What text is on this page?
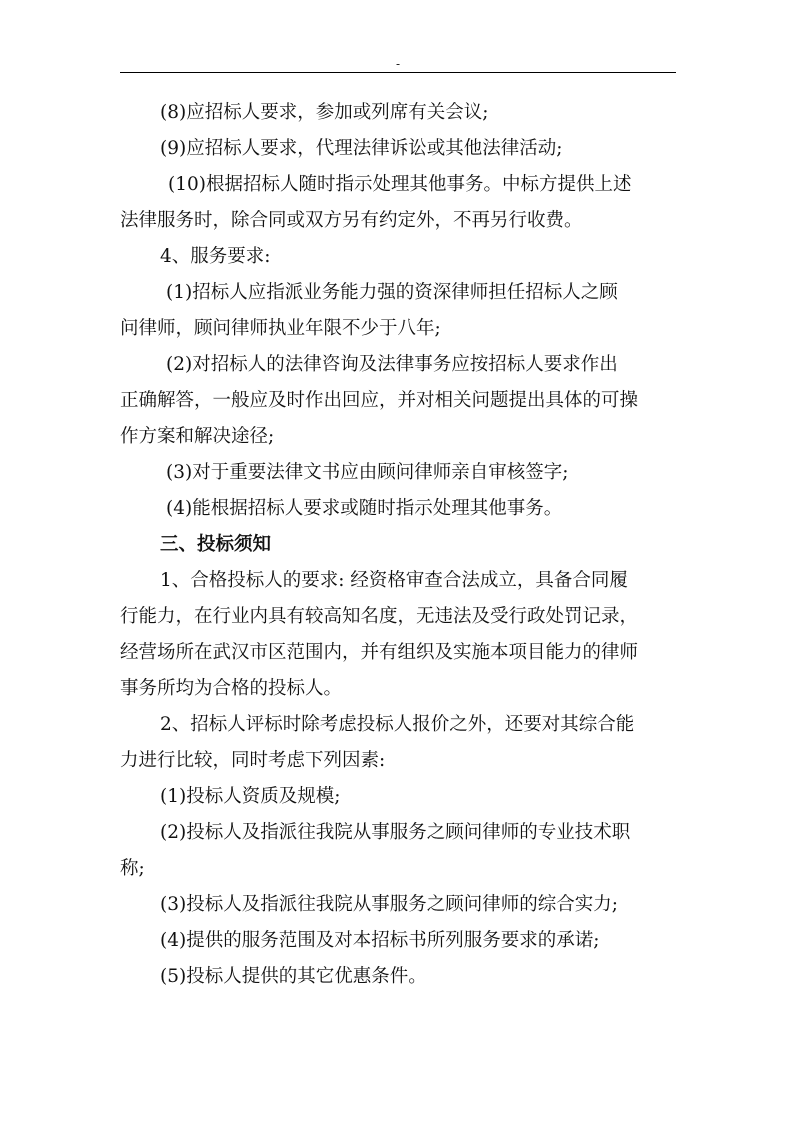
-
(8)应招标人要求，参加或列席有关会议;
(9)应招标人要求，代理法律诉讼或其他法律活动;
(10)根据招标人随时指示处理其他事务。中标方提供上述
法律服务时，除合同或双方另有约定外，不再另行收费。
4、服务要求:
(1)招标人应指派业务能力强的资深律师担任招标人之顾
问律师，顾问律师执业年限不少于八年;
(2)对招标人的法律咨询及法律事务应按招标人要求作出
正确解答，一般应及时作出回应，并对相关问题提出具体的可操
作方案和解决途径;
(3)对于重要法律文书应由顾问律师亲自审核签字;
(4)能根据招标人要求或随时指示处理其他事务。
三、投标须知
1、合格投标人的要求: 经资格审查合法成立，具备合同履
行能力，在行业内具有较高知名度，无违法及受行政处罚记录，
经营场所在武汉市区范围内，并有组织及实施本项目能力的律师
事务所均为合格的投标人。
2、招标人评标时除考虑投标人报价之外，还要对其综合能
力进行比较，同时考虑下列因素:
(1)投标人资质及规模;
(2)投标人及指派往我院从事服务之顾问律师的专业技术职
称;
(3)投标人及指派往我院从事服务之顾问律师的综合实力;
(4)提供的服务范围及对本招标书所列服务要求的承诺;
(5)投标人提供的其它优惠条件。
